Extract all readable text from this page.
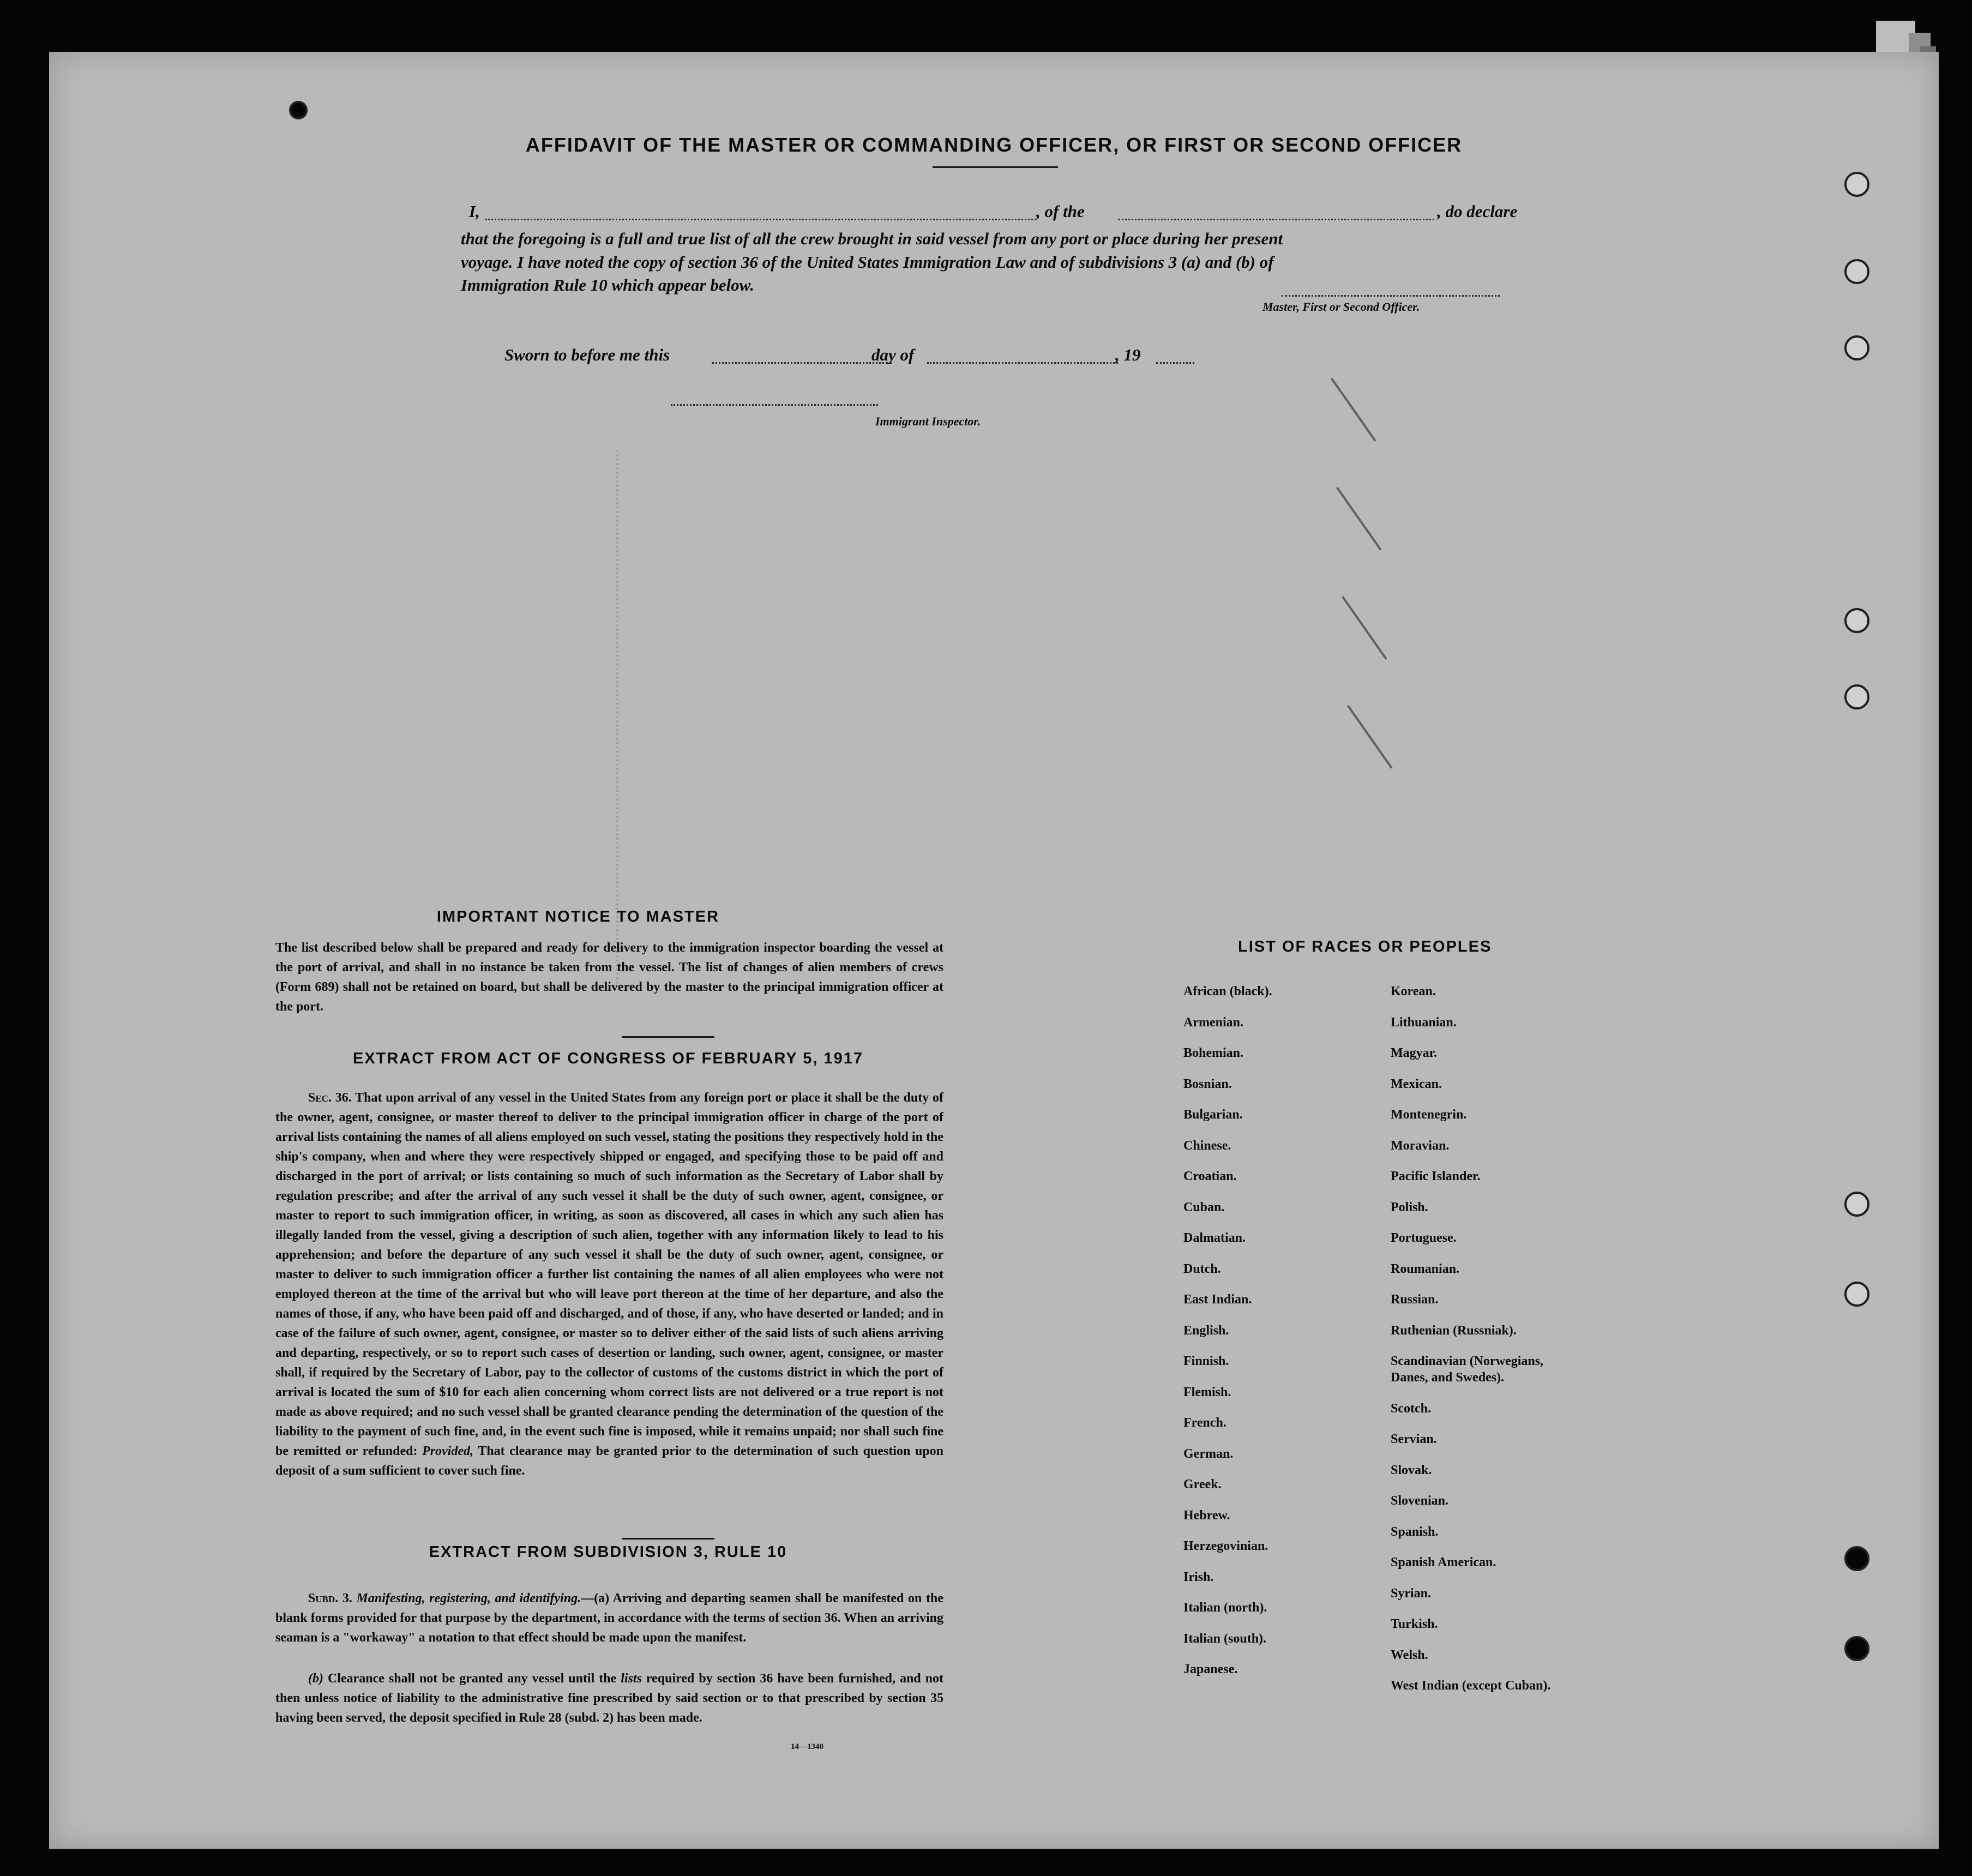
AFFIDAVIT OF THE MASTER OR COMMANDING OFFICER, OR FIRST OR SECOND OFFICER
I,	, of the	, do declare
that the foregoing is a full and true list of all the crew brought in said vessel from any port or place during her present
voyage. I have noted the copy of section 36 of the United States Immigration Law and of subdivisions 3 (a) and (b) of
Immigration Rule 10 which appear below.
Master, First or Second Officer.
Sworn to before me this	day of	, 19
Immigrant Inspector.
IMPORTANT NOTICE TO MASTER
The list described below shall be prepared and ready for delivery to the immigration inspector boarding the vessel at the port of arrival, and shall in no instance be taken from the vessel. The list of changes of alien members of crews (Form 689) shall not be retained on board, but shall be delivered by the master to the principal immigration officer at the port.
EXTRACT FROM ACT OF CONGRESS OF FEBRUARY 5, 1917
Sec. 36. That upon arrival of any vessel in the United States from any foreign port or place it shall be the duty of the owner, agent, consignee, or master thereof to deliver to the principal immigration officer in charge of the port of arrival lists containing the names of all aliens employed on such vessel, stating the positions they respectively hold in the ship's company, when and where they were respectively shipped or engaged, and specifying those to be paid off and discharged in the port of arrival; or lists containing so much of such information as the Secretary of Labor shall by regulation prescribe; and after the arrival of any such vessel it shall be the duty of such owner, agent, consignee, or master to report to such immigration officer, in writing, as soon as discovered, all cases in which any such alien has illegally landed from the vessel, giving a description of such alien, together with any information likely to lead to his apprehension; and before the departure of any such vessel it shall be the duty of such owner, agent, consignee, or master to deliver to such immigration officer a further list containing the names of all alien employees who were not employed thereon at the time of the arrival but who will leave port thereon at the time of her departure, and also the names of those, if any, who have been paid off and discharged, and of those, if any, who have deserted or landed; and in case of the failure of such owner, agent, consignee, or master so to deliver either of the said lists of such aliens arriving and departing, respectively, or so to report such cases of desertion or landing, such owner, agent, consignee, or master shall, if required by the Secretary of Labor, pay to the collector of customs of the customs district in which the port of arrival is located the sum of $10 for each alien concerning whom correct lists are not delivered or a true report is not made as above required; and no such vessel shall be granted clearance pending the determination of the question of the liability to the payment of such fine, and, in the event such fine is imposed, while it remains unpaid; nor shall such fine be remitted or refunded: Provided, That clearance may be granted prior to the determination of such question upon deposit of a sum sufficient to cover such fine.
EXTRACT FROM SUBDIVISION 3, RULE 10
Subd. 3. Manifesting, registering, and identifying.—(a) Arriving and departing seamen shall be manifested on the blank forms provided for that purpose by the department, in accordance with the terms of section 36. When an arriving seaman is a "workaway" a notation to that effect should be made upon the manifest.
(b) Clearance shall not be granted any vessel until the lists required by section 36 have been furnished, and not then unless notice of liability to the administrative fine prescribed by said section or to that prescribed by section 35 having been served, the deposit specified in Rule 28 (subd. 2) has been made.
14—1340
LIST OF RACES OR PEOPLES
African (black).
Armenian.
Bohemian.
Bosnian.
Bulgarian.
Chinese.
Croatian.
Cuban.
Dalmatian.
Dutch.
East Indian.
English.
Finnish.
Flemish.
French.
German.
Greek.
Hebrew.
Herzegovinian.
Irish.
Italian (north).
Italian (south).
Japanese.
Korean.
Lithuanian.
Magyar.
Mexican.
Montenegrin.
Moravian.
Pacific Islander.
Polish.
Portuguese.
Roumanian.
Russian.
Ruthenian (Russniak).
Scandinavian (Norwegians,
Danes, and Swedes).
Scotch.
Servian.
Slovak.
Slovenian.
Spanish.
Spanish American.
Syrian.
Turkish.
Welsh.
West Indian (except Cuban).
